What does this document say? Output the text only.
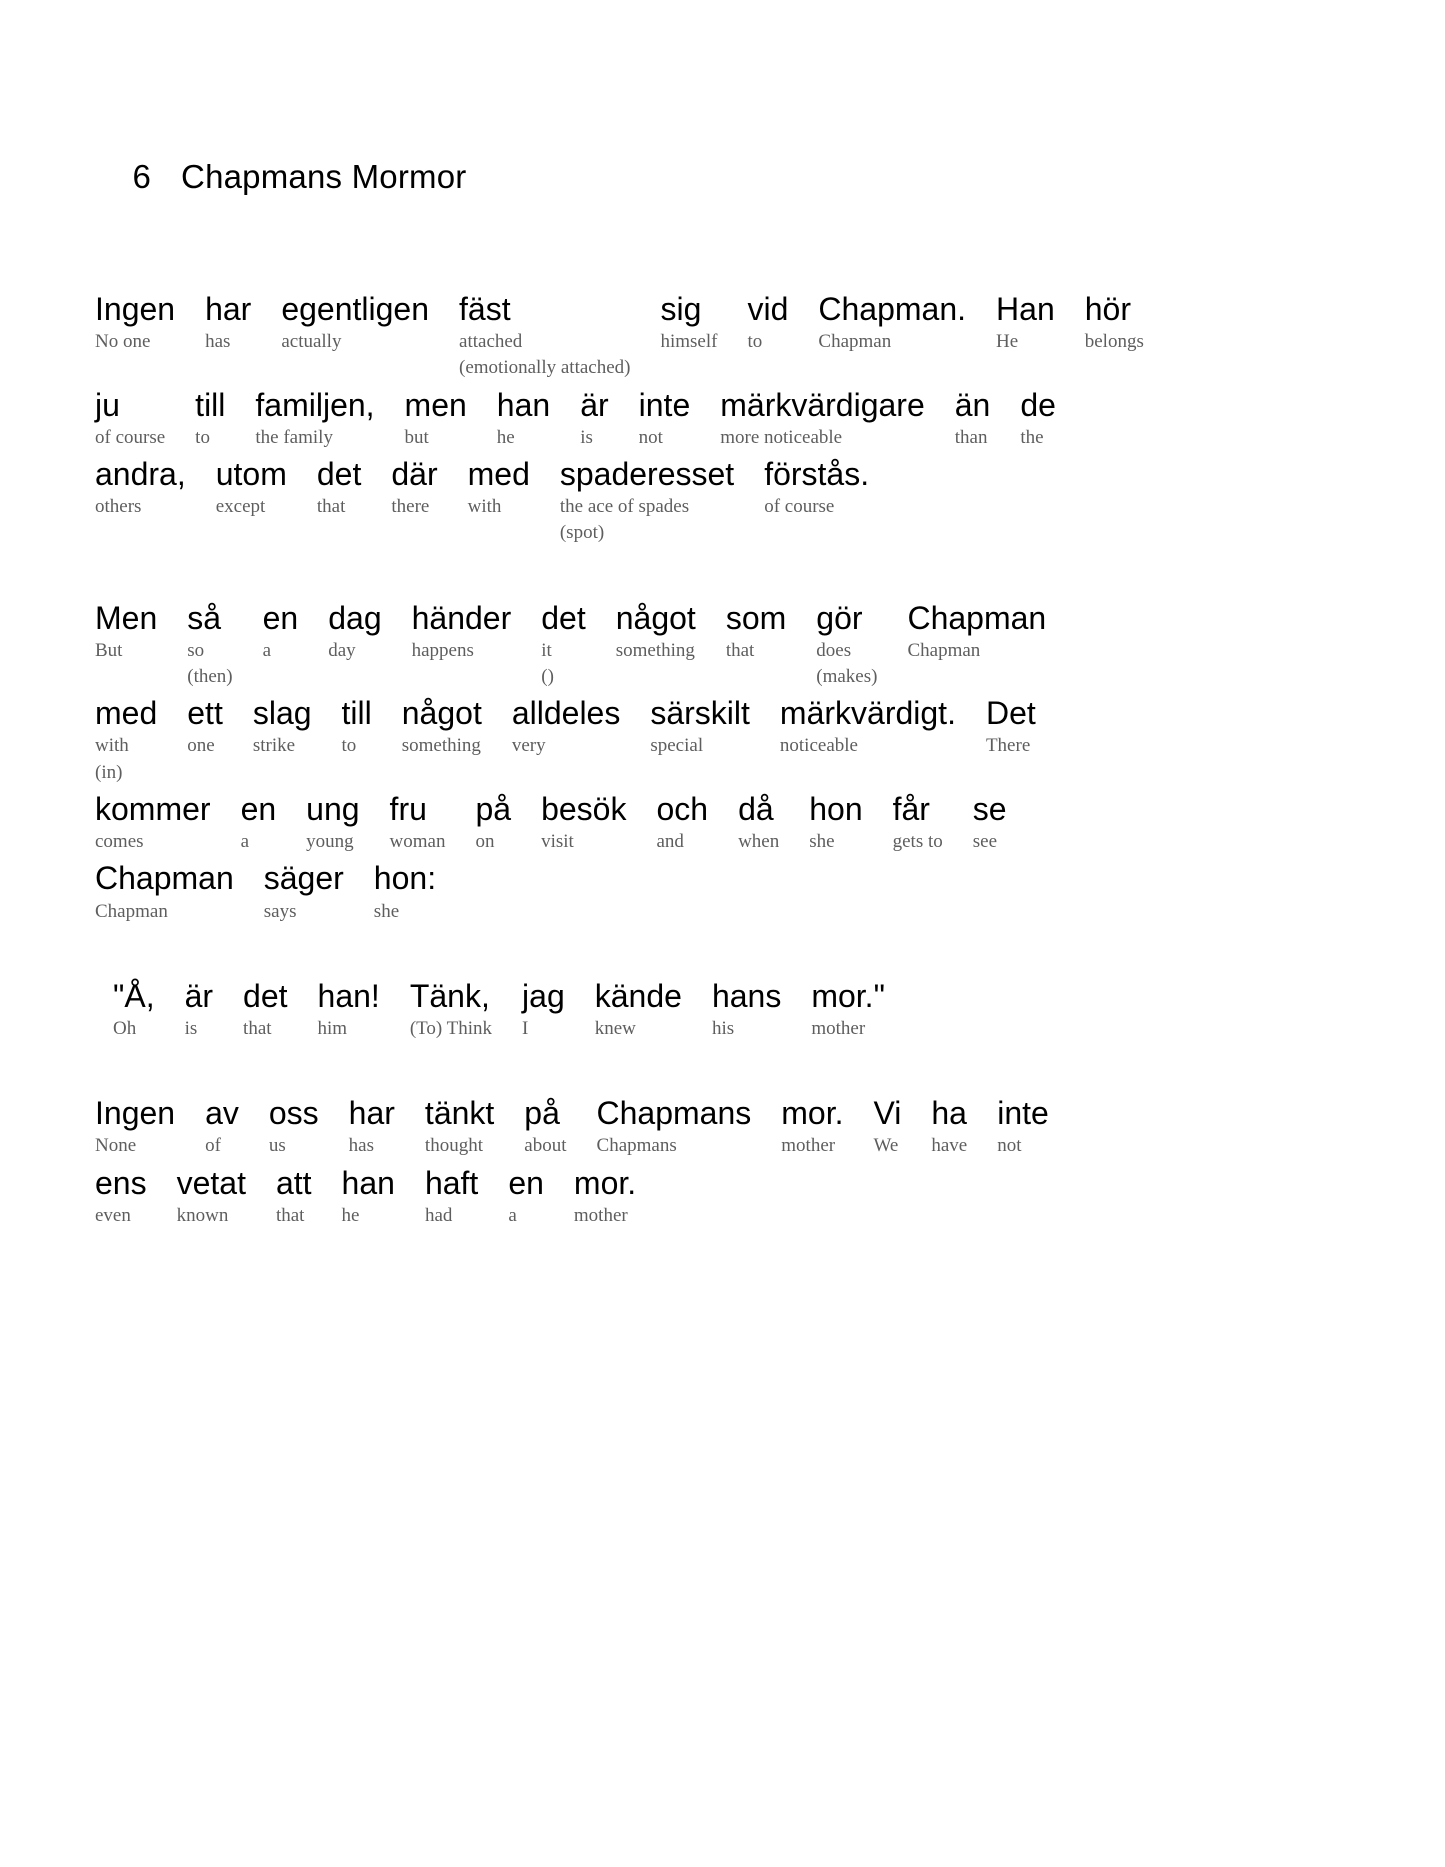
6 Chapmans Mormor

Ingen
No one
har
has
egentligen
actually
fäst
attached
(emotionally attached)
sig
himself
vid
to
Chapman.
Chapman
Han
He
hör
belongs
ju
of course
till
to
familjen,
the family
men
but
han
he
är
is
inte
not
märkvärdigare
more noticeable
än
than
de
the
andra,
others
utom
except
det
that
där
there
med
with
spaderesset
the ace of spades
(spot)
förstås.
of course
Men
But
så
so
(then)
en
a
dag
day
händer
happens
det
it
()
något
something
som
that
gör
does
(makes)
Chapman
Chapman
med
with
(in)
ett
one
slag
strike
till
to
något
something
alldeles
very
särskilt
special
märkvärdigt.
noticeable
Det
There
kommer
comes
en
a
ung
young
fru
woman
på
on
besök
visit
och
and
då
when
hon
she
får
gets to
se
see
Chapman
Chapman
säger
says
hon:
she
"Å,
Oh
är
is
det
that
han!
him
Tänk,
(To) Think
jag
I
kände
knew
hans
his
mor."
mother
Ingen
None
av
of
oss
us
har
has
tänkt
thought
på
about
Chapmans
Chapmans
mor.
mother
Vi
We
ha
have
inte
not
ens
even
vetat
known
att
that
han
he
haft
had
en
a
mor.
mother
